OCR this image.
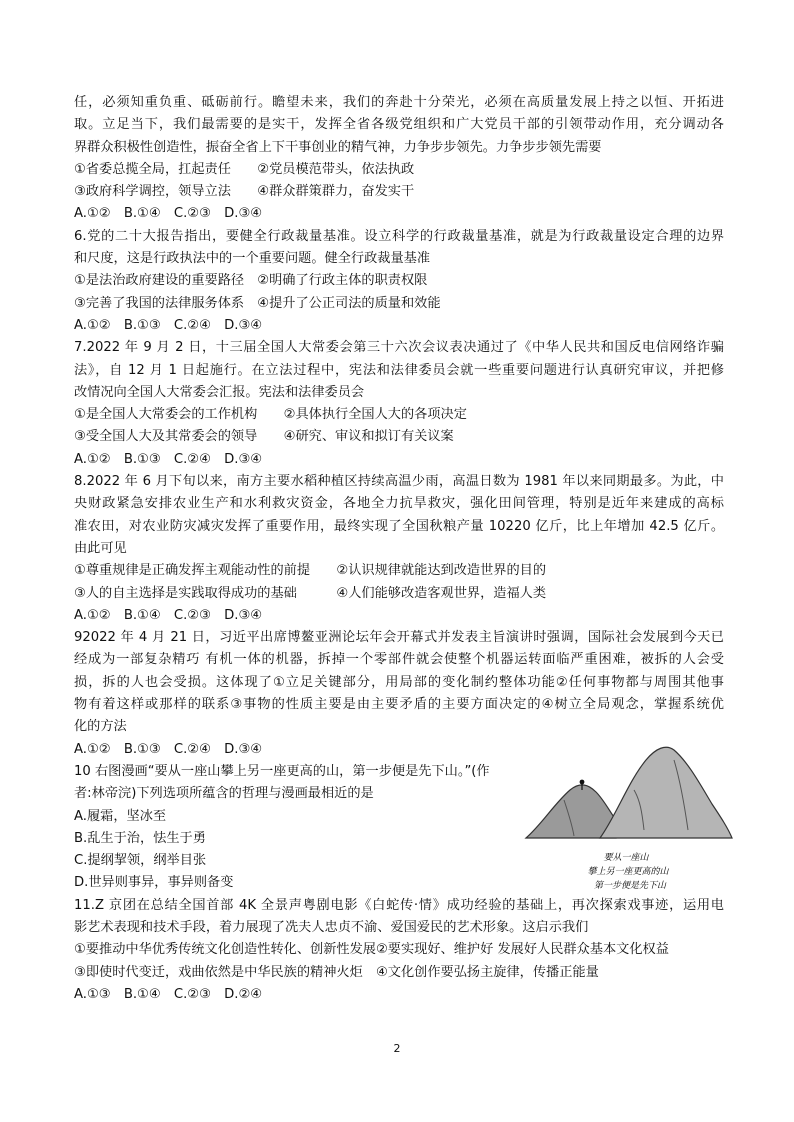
任，必须知重负重、砥砺前行。瞻望未来，我们的奔赴十分荣光，必须在高质量发展上持之以恒、开拓进
取。立足当下，我们最需要的是实干，发挥全省各级党组织和广大党员干部的引领带动作用，充分调动各
界群众积极性创造性，振奋全省上下干事创业的精气神，力争步步领先。力争步步领先需要
①省委总揽全局，扛起责任　　②党员模范带头，依法执政
③政府科学调控，领导立法　　④群众群策群力，奋发实干
A.①②　B.①④　C.②③　D.③④
6.党的二十大报告指出，要健全行政裁量基准。设立科学的行政裁量基准，就是为行政裁量设定合理的边界
和尺度，这是行政执法中的一个重要问题。健全行政裁量基准
①是法治政府建设的重要路径　②明确了行政主体的职责权限
③完善了我国的法律服务体系　④提升了公正司法的质量和效能
A.①②　B.①③　C.②④　D.③④
7.2022 年 9 月 2 日，十三届全国人大常委会第三十六次会议表决通过了《中华人民共和国反电信网络诈骗
法》，自 12 月 1 日起施行。在立法过程中，宪法和法律委员会就一些重要问题进行认真研究审议，并把修
改情况向全国人大常委会汇报。宪法和法律委员会
①是全国人大常委会的工作机构　　②具体执行全国人大的各项决定
③受全国人大及其常委会的领导　　④研究、审议和拟订有关议案
A.①②　B.①③　C.②④　D.③④
8.2022 年 6 月下旬以来，南方主要水稻种植区持续高温少雨，高温日数为 1981 年以来同期最多。为此，中
央财政紧急安排农业生产和水利救灾资金，各地全力抗旱救灾，强化田间管理，特别是近年来建成的高标
准农田，对农业防灾减灾发挥了重要作用，最终实现了全国秋粮产量 10220 亿斤，比上年增加 42.5 亿斤。
由此可见
①尊重规律是正确发挥主观能动性的前提　　②认识规律就能达到改造世界的目的
③人的自主选择是实践取得成功的基础　　　④人们能够改造客观世界，造福人类
A.①②　B.①④　C.②③　D.③④
92022 年 4 月 21 日，习近平出席博鳌亚洲论坛年会开幕式并发表主旨演讲时强调，国际社会发展到今天已
经成为一部复杂精巧 有机一体的机器，拆掉一个零部件就会使整个机器运转面临严重困难，被拆的人会受
损，拆的人也会受损。这体现了①立足关键部分，用局部的变化制约整体功能②任何事物都与周围其他事
物有着这样或那样的联系③事物的性质主要是由主要矛盾的主要方面决定的④树立全局观念，掌握系统优
化的方法
A.①②　B.①③　C.②④　D.③④
10 右图漫画“要从一座山攀上另一座更高的山，第一步便是先下山。”(作
者:林帝浣)下列选项所蕴含的哲理与漫画最相近的是
A.履霜，坚冰至
B.乱生于治，怯生于勇
C.提纲挈领，纲举目张
D.世异则事异，事异则备变
11.Z 京团在总结全国首部 4K 全景声粤剧电影《白蛇传·情》成功经验的基础上，再次探索戏事迹，运用电
影艺术表现和技术手段，着力展现了冼夫人忠贞不渝、爱国爱民的艺术形象。这启示我们
①要推动中华优秀传统文化创造性转化、创新性发展②要实现好、维护好 发展好人民群众基本文化权益
③即使时代变迁，戏曲依然是中华民族的精神火炬　④文化创作要弘扬主旋律，传播正能量
A.①③　B.①④　C.②③　D.②④
要从一座山
攀上另一座更高的山
第一步便是先下山
2
